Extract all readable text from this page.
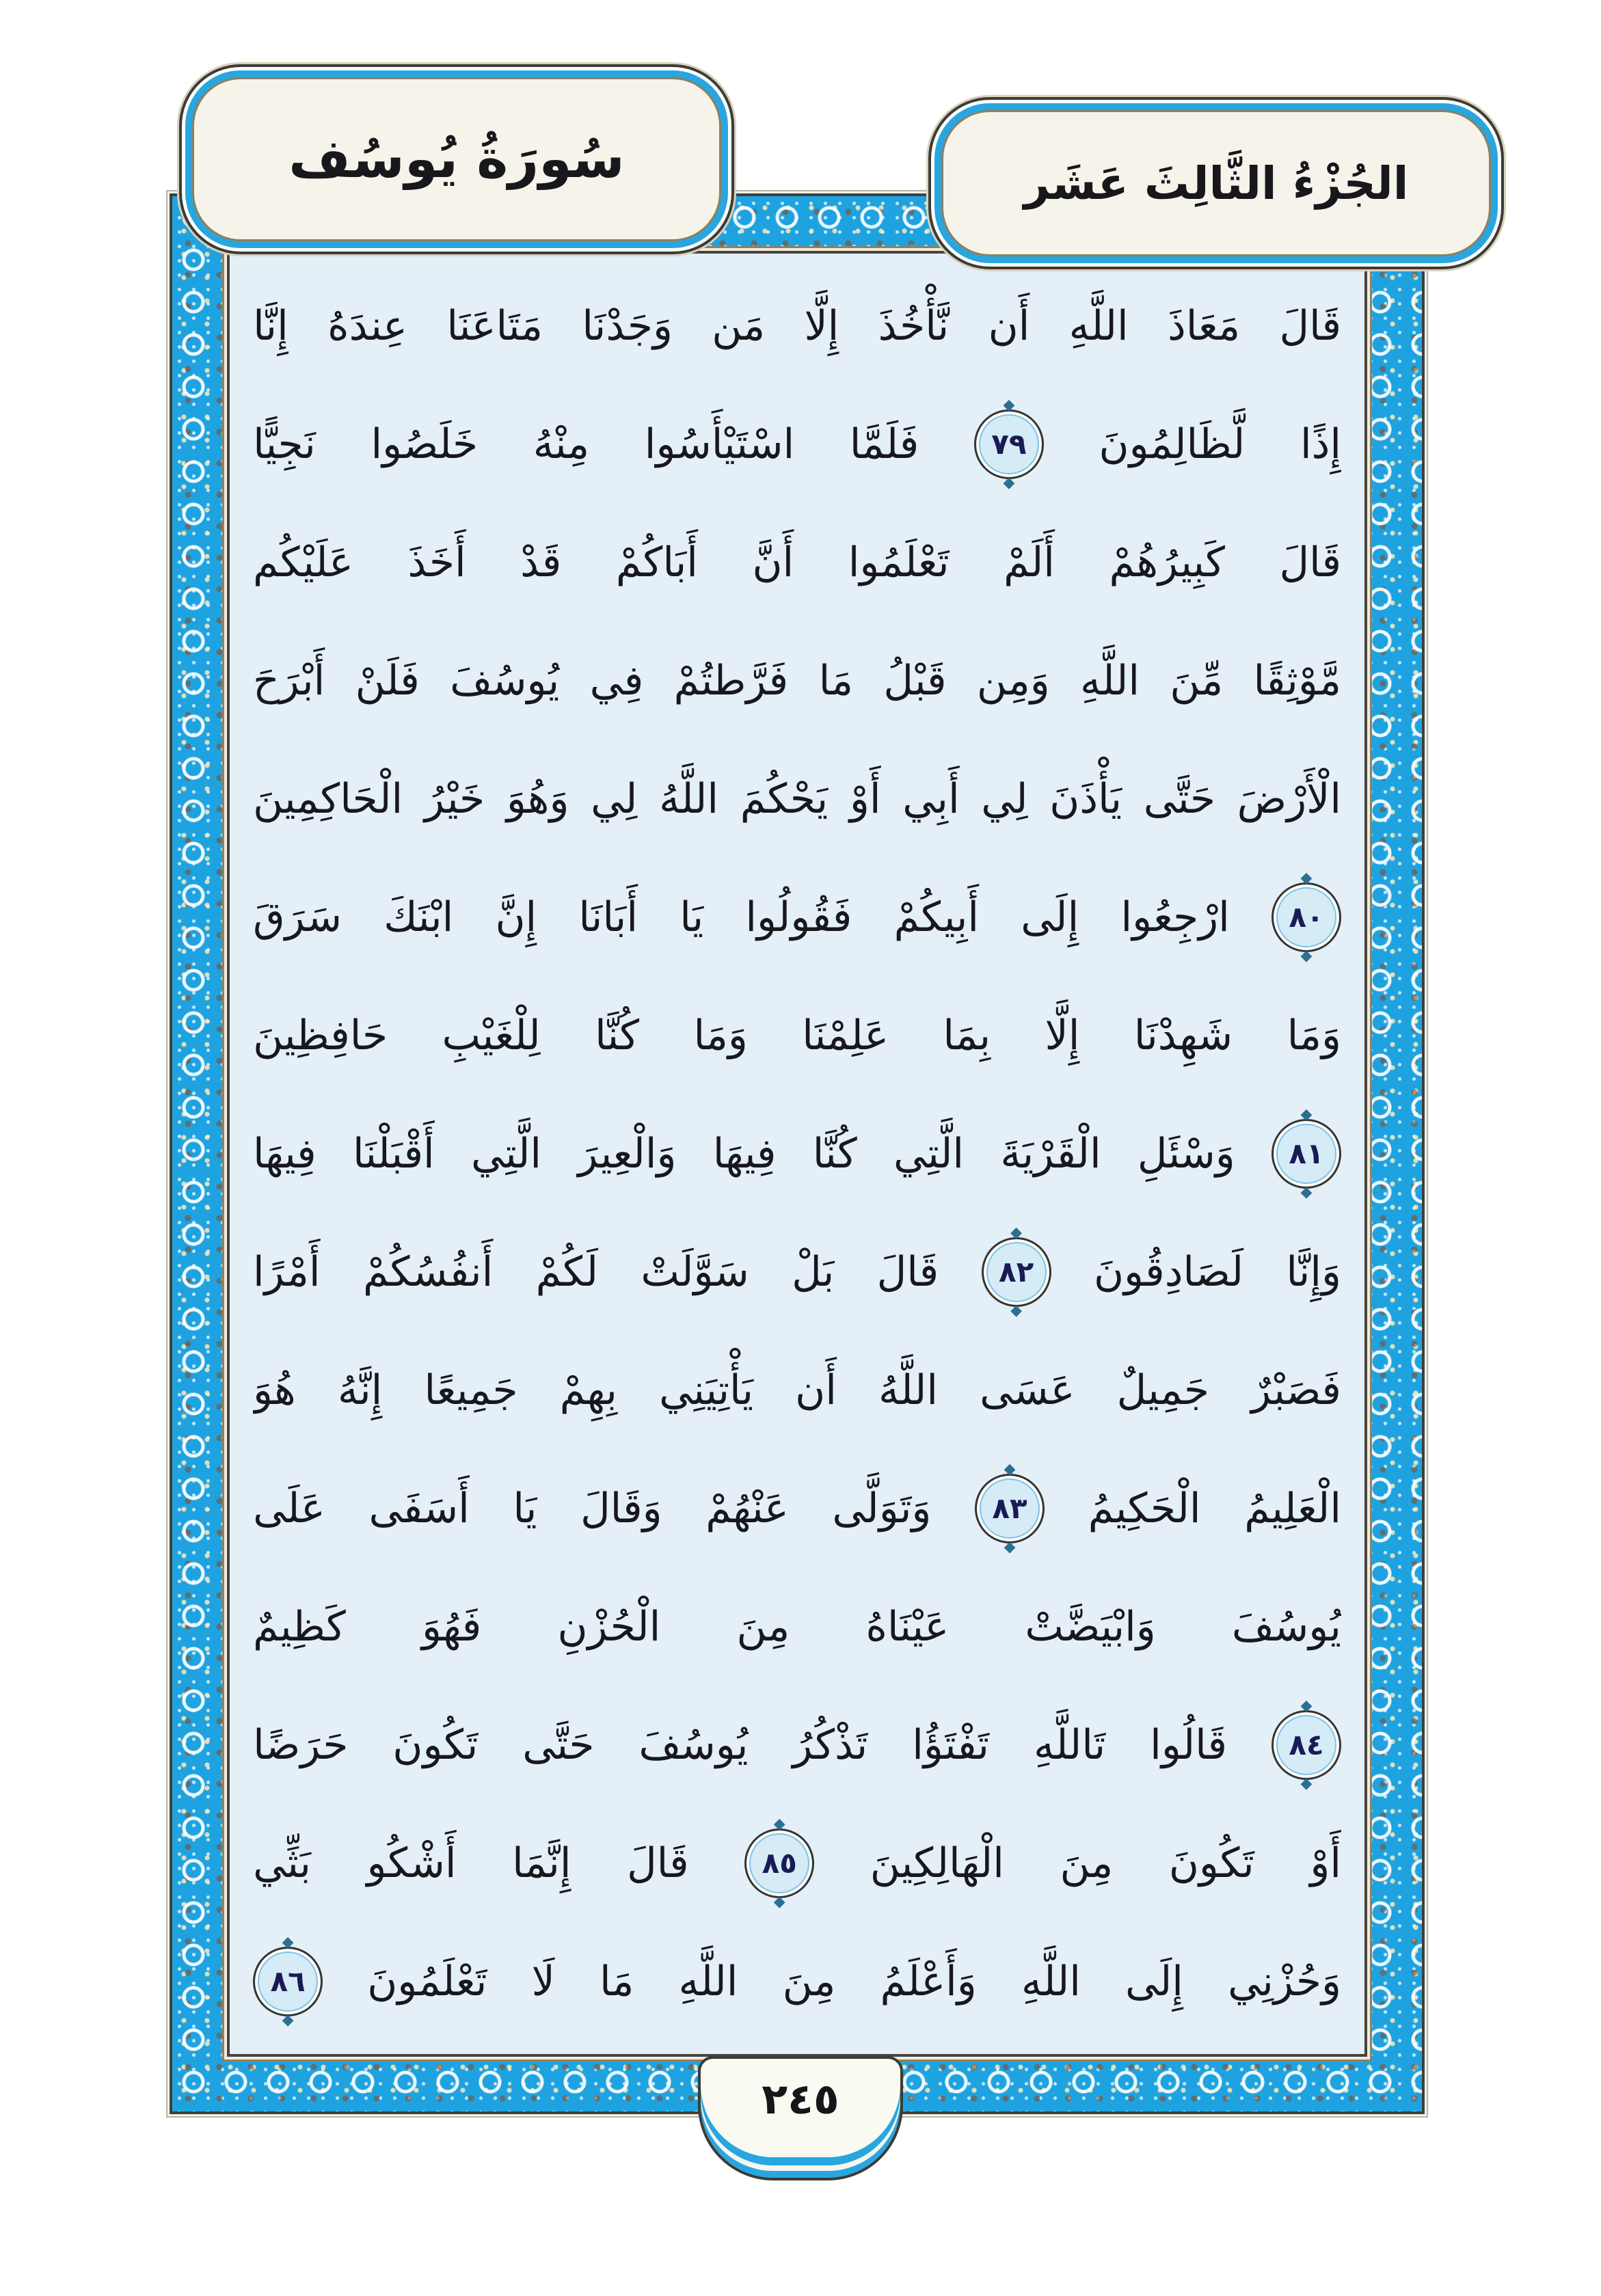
قَالَ
مَعَاذَ
اللَّهِ
أَن
نَّأْخُذَ
إِلَّا
مَن
وَجَدْنَا
مَتَاعَنَا
عِندَهُ
إِنَّا
إِذًا
لَّظَالِمُونَ
◆ ٧٩ ◆
فَلَمَّا
اسْتَيْأَسُوا
مِنْهُ
خَلَصُوا
نَجِيًّا
قَالَ
كَبِيرُهُمْ
أَلَمْ
تَعْلَمُوا
أَنَّ
أَبَاكُمْ
قَدْ
أَخَذَ
عَلَيْكُم
مَّوْثِقًا
مِّنَ
اللَّهِ
وَمِن
قَبْلُ
مَا
فَرَّطتُمْ
فِي
يُوسُفَ
فَلَنْ
أَبْرَحَ
الْأَرْضَ
حَتَّى
يَأْذَنَ
لِي
أَبِي
أَوْ
يَحْكُمَ
اللَّهُ
لِي
وَهُوَ
خَيْرُ
الْحَاكِمِينَ
◆ ٨٠ ◆
ارْجِعُوا
إِلَى
أَبِيكُمْ
فَقُولُوا
يَا
أَبَانَا
إِنَّ
ابْنَكَ
سَرَقَ
وَمَا
شَهِدْنَا
إِلَّا
بِمَا
عَلِمْنَا
وَمَا
كُنَّا
لِلْغَيْبِ
حَافِظِينَ
◆ ٨١ ◆
وَسْئَلِ
الْقَرْيَةَ
الَّتِي
كُنَّا
فِيهَا
وَالْعِيرَ
الَّتِي
أَقْبَلْنَا
فِيهَا
وَإِنَّا
لَصَادِقُونَ
◆ ٨٢ ◆
قَالَ
بَلْ
سَوَّلَتْ
لَكُمْ
أَنفُسُكُمْ
أَمْرًا
فَصَبْرٌ
جَمِيلٌ
عَسَى
اللَّهُ
أَن
يَأْتِيَنِي
بِهِمْ
جَمِيعًا
إِنَّهُ
هُوَ
الْعَلِيمُ
الْحَكِيمُ
◆ ٨٣ ◆
وَتَوَلَّى
عَنْهُمْ
وَقَالَ
يَا
أَسَفَى
عَلَى
يُوسُفَ
وَابْيَضَّتْ
عَيْنَاهُ
مِنَ
الْحُزْنِ
فَهُوَ
كَظِيمٌ
◆ ٨٤ ◆
قَالُوا
تَاللَّهِ
تَفْتَؤُا
تَذْكُرُ
يُوسُفَ
حَتَّى
تَكُونَ
حَرَضًا
أَوْ
تَكُونَ
مِنَ
الْهَالِكِينَ
◆ ٨٥ ◆
قَالَ
إِنَّمَا
أَشْكُو
بَثِّي
وَحُزْنِي
إِلَى
اللَّهِ
وَأَعْلَمُ
مِنَ
اللَّهِ
مَا
لَا
تَعْلَمُونَ
◆ ٨٦ ◆
سُورَةُ يُوسُف	الجُزْءُ الثَّالِثَ عَشَر
٢٤٥
